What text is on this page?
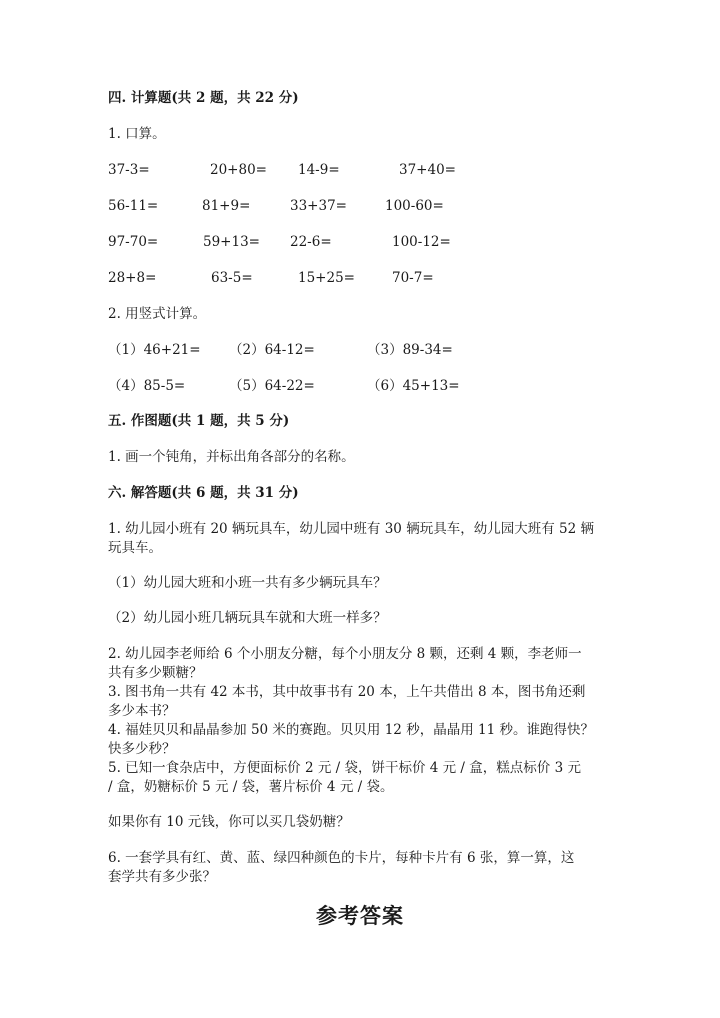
四. 计算题(共 2 题，共 22 分)
1. 口算。
37-3=	20+80= 14-9=	37+40=
56-11=	81+9=	33+37=	100-60=
97-70=	59+13= 22-6=	100-12=
28+8=	63-5=	15+25=	70-7=
2. 用竖式计算。
（1）46+21= （2）64-12=	（3）89-34=
（4）85-5=	（5）64-22=	（6）45+13=
五. 作图题(共 1 题，共 5 分)
1. 画一个钝角，并标出角各部分的名称。
六. 解答题(共 6 题，共 31 分)
1. 幼儿园小班有 20 辆玩具车，幼儿园中班有 30 辆玩具车，幼儿园大班有 52 辆
玩具车。
（1）幼儿园大班和小班一共有多少辆玩具车？
（2）幼儿园小班几辆玩具车就和大班一样多？
2. 幼儿园李老师给 6 个小朋友分糖，每个小朋友分 8 颗，还剩 4 颗，李老师一
共有多少颗糖？
3. 图书角一共有 42 本书，其中故事书有 20 本，上午共借出 8 本，图书角还剩
多少本书？
4. 福娃贝贝和晶晶参加 50 米的赛跑。贝贝用 12 秒，晶晶用 11 秒。谁跑得快？
快多少秒？
5. 已知一食杂店中，方便面标价 2 元 / 袋，饼干标价 4 元 / 盒，糕点标价 3 元
/ 盒，奶糖标价 5 元 / 袋，薯片标价 4 元 / 袋。
如果你有 10 元钱，你可以买几袋奶糖？
6. 一套学具有红、黄、蓝、绿四种颜色的卡片，每种卡片有 6 张，算一算，这
套学共有多少张？
参考答案
